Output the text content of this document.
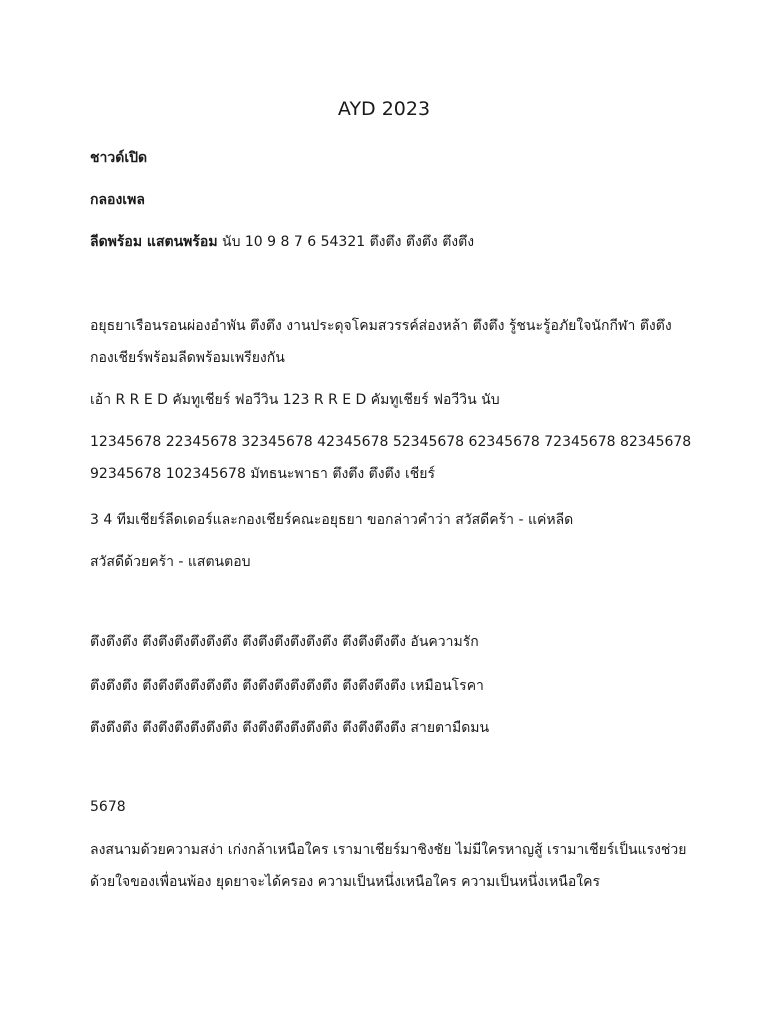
AYD 2023

ชาวด์เปิด

กลองเพล

ลีดพร้อม แสตนพร้อม นับ 10 9 8 7 6 54321 ตึงตึง ตึงตึง ตึงตึง

อยุธยาเรือนรอนผ่องอำพัน ตึงตึง งานประดุจโคมสวรรค์ส่องหล้า ตึงตึง รู้ชนะรู้อภัยใจนักกีฬา ตึงตึง

กองเชียร์พร้อมลีดพร้อมเพรียงกัน

เอ้า R R E D คัมทูเชียร์ ฟอวีวิน 123 R R E D คัมทูเชียร์ ฟอวีวิน นับ

12345678 22345678 32345678 42345678 52345678 62345678 72345678 82345678

92345678 102345678 มัทธนะพาธา ตึงตึง ตึงตึง เชียร์

3 4 ทีมเชียร์ลีดเดอร์และกองเชียร์คณะอยุธยา ขอกล่าวคำว่า สวัสดีคร้า - แค่หลีด

สวัสดีด้วยคร้า - แสตนตอบ

ตึงตึงตึง ตึงตึงตึงตึงตึงตึง ตึงตึงตึงตึงตึงตึง ตึงตึงตึงตึง อันความรัก

ตึงตึงตึง ตึงตึงตึงตึงตึงตึง ตึงตึงตึงตึงตึงตึง ตึงตึงตึงตึง เหมือนโรคา

ตึงตึงตึง ตึงตึงตึงตึงตึงตึง ตึงตึงตึงตึงตึงตึง ตึงตึงตึงตึง สายตามืดมน

5678

ลงสนามด้วยความสง่า เก่งกล้าเหนือใคร เรามาเชียร์มาชิงชัย ไม่มีใครหาญสู้ เรามาเชียร์เป็นแรงช่วย

ด้วยใจของเพื่อนพ้อง ยุดยาจะได้ครอง ความเป็นหนึ่งเหนือใคร ความเป็นหนึ่งเหนือใคร
